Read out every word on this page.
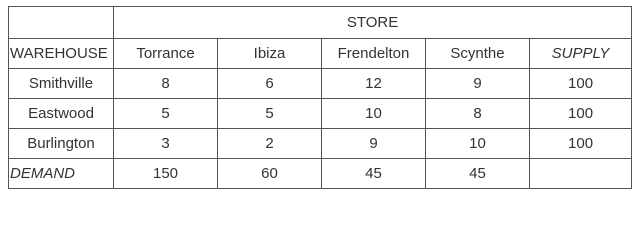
	STORE				
WAREHOUSE	Torrance	Ibiza	Frendelton	Scynthe	SUPPLY
Smithville	8	6	12	9	100
Eastwood	5	5	10	8	100
Burlington	3	2	9	10	100
DEMAND	150	60	45	45	
